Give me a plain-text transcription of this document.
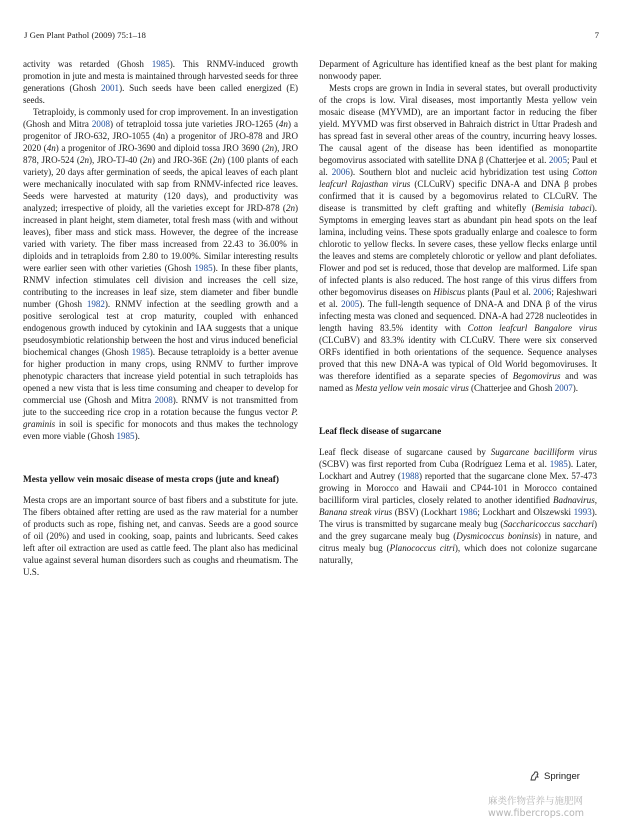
J Gen Plant Pathol (2009) 75:1–18	7

activity was retarded (Ghosh 1985). This RNMV-induced growth promotion in jute and mesta is maintained through harvested seeds for three generations (Ghosh 2001). Such seeds have been called energized (E) seeds.

Tetraploidy, is commonly used for crop improvement. In an investigation (Ghosh and Mitra 2008) of tetraploid tossa jute varieties JRO-1265 (4n) a progenitor of JRO-632, JRO-1055 (4n) a progenitor of JRO-878 and JRO 2020 (4n) a progenitor of JRO-3690 and diploid tossa JRO 3690 (2n), JRO 878, JRO-524 (2n), JRO-TJ-40 (2n) and JRO-36E (2n) (100 plants of each variety), 20 days after germination of seeds, the apical leaves of each plant were mechanically inoculated with sap from RNMV-infected rice leaves. Seeds were harvested at maturity (120 days), and productivity was analyzed; irrespective of ploidy, all the varieties except for JRD-878 (2n) increased in plant height, stem diameter, total fresh mass (with and without leaves), fiber mass and stick mass. However, the degree of the increase varied with variety. The fiber mass increased from 22.43 to 36.00% in diploids and in tetraploids from 2.80 to 19.00%. Similar interesting results were earlier seen with other varieties (Ghosh 1985). In these fiber plants, RNMV infection stimulates cell division and increases the cell size, contributing to the increases in leaf size, stem diameter and fiber bundle number (Ghosh 1982). RNMV infection at the seedling growth and a positive serological test at crop maturity, coupled with enhanced endogenous growth induced by cytokinin and IAA suggests that a unique pseudosymbiotic relationship between the host and virus induced beneficial biochemical changes (Ghosh 1985). Because tetraploidy is a better avenue for higher production in many crops, using RNMV to further improve phenotypic characters that increase yield potential in such tetraploids has opened a new vista that is less time consuming and cheaper to develop for commercial use (Ghosh and Mitra 2008). RNMV is not transmitted from jute to the succeeding rice crop in a rotation because the fungus vector P. graminis in soil is specific for monocots and thus makes the technology even more viable (Ghosh 1985).

Mesta yellow vein mosaic disease of mesta crops (jute and kneaf)

Mesta crops are an important source of bast fibers and a substitute for jute. The fibers obtained after retting are used as the raw material for a number of products such as rope, fishing net, and canvas. Seeds are a good source of oil (20%) and used in cooking, soap, paints and lubricants. Seed cakes left after oil extraction are used as cattle feed. The plant also has medicinal value against several human disorders such as coughs and rheumatism. The U.S.

Deparment of Agriculture has identified kneaf as the best plant for making nonwoody paper.

Mests crops are grown in India in several states, but overall productivity of the crops is low. Viral diseases, most importantly Mesta yellow vein mosaic disease (MYVMD), are an important factor in reducing the fiber yield. MYVMD was first observed in Bahraich district in Uttar Pradesh and has spread fast in several other areas of the country, incurring heavy losses. The causal agent of the disease has been identified as monopartite begomovirus associated with satellite DNA β (Chatterjee et al. 2005; Paul et al. 2006). Southern blot and nucleic acid hybridization test using Cotton leafcurl Rajasthan virus (CLCuRV) specific DNA-A and DNA β probes confirmed that it is caused by a begomovirus related to CLCuRV. The disease is transmitted by cleft grafting and whitefly (Bemisia tabaci). Symptoms in emerging leaves start as abundant pin head spots on the leaf lamina, including veins. These spots gradually enlarge and coalesce to form chlorotic to yellow flecks. In severe cases, these yellow flecks enlarge until the leaves and stems are completely chlorotic or yellow and plant defoliates. Flower and pod set is reduced, those that develop are malformed. Life span of infected plants is also reduced. The host range of this virus differs from other begomovirus diseases on Hibiscus plants (Paul et al. 2006; Rajeshwari et al. 2005). The full-length sequence of DNA-A and DNA β of the virus infecting mesta was cloned and sequenced. DNA-A had 2728 nucleotides in length having 83.5% identity with Cotton leafcurl Bangalore virus (CLCuBV) and 83.3% identity with CLCuRV. There were six conserved ORFs identified in both orientations of the sequence. Sequence analyses proved that this new DNA-A was typical of Old World begomoviruses. It was therefore identified as a separate species of Begomovirus and was named as Mesta yellow vein mosaic virus (Chatterjee and Ghosh 2007).

Leaf fleck disease of sugarcane

Leaf fleck disease of sugarcane caused by Sugarcane bacilliform virus (SCBV) was first reported from Cuba (Rodríguez Lema et al. 1985). Later, Lockhart and Autrey (1988) reported that the sugarcane clone Mex. 57-473 growing in Morocco and Hawaii and CP44-101 in Morocco contained bacilliform viral particles, closely related to another identified Badnavirus, Banana streak virus (BSV) (Lockhart 1986; Lockhart and Olszewski 1993). The virus is transmitted by sugarcane mealy bug (Saccharicoccus sacchari) and the grey sugarcane mealy bug (Dysmicoccus boninsis) in nature, and citrus mealy bug (Planococcus citri), which does not colonize sugarcane naturally,

Springer
麻类作物营养与施肥网
www.fibercrops.com
